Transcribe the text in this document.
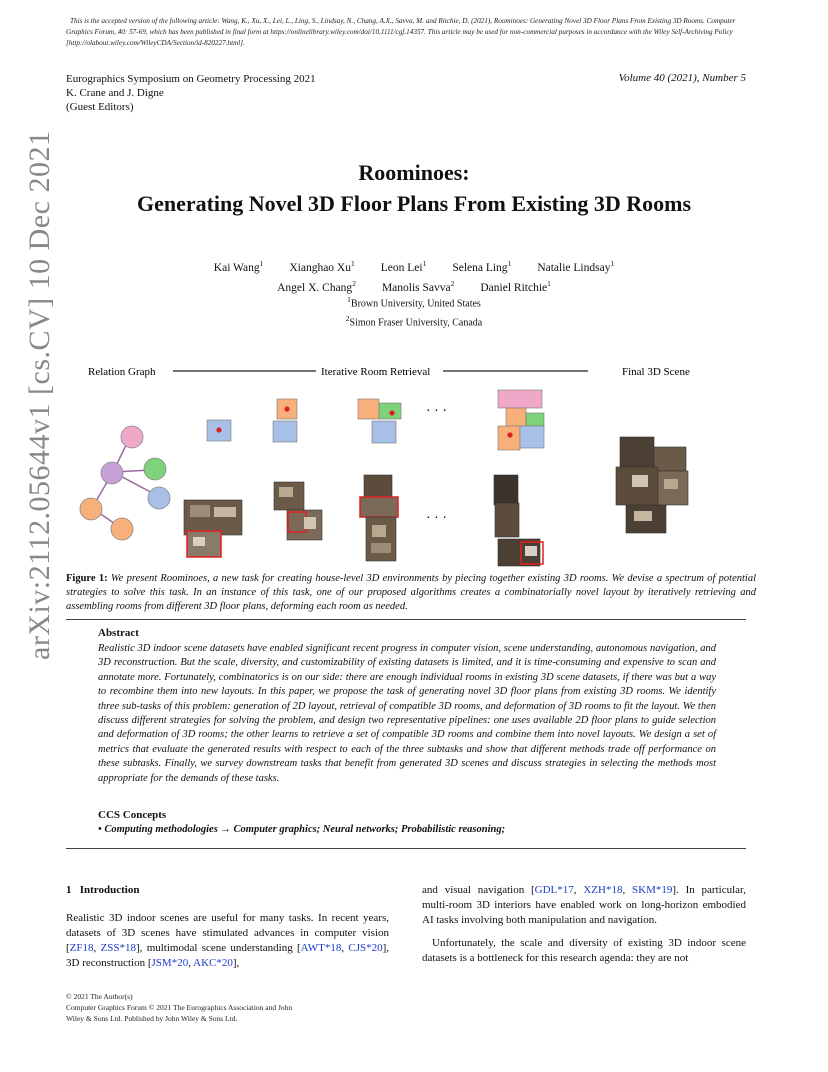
This is the accepted version of the following article: Wang, K., Xu, X., Lei, L., Ling, S., Lindsay, N., Chang, A.X., Savva, M. and Ritchie, D. (2021), Roominoes: Generating Novel 3D Floor Plans From Existing 3D Rooms. Computer Graphics Forum, 40: 57-69, which has been published in final form at https://onlinelibrary.wiley.com/doi/10.1111/cgf.14357. This article may be used for non-commercial purposes in accordance with the Wiley Self-Archiving Policy [http://olabout.wiley.com/WileyCDA/Section/id-820227.html].
Eurographics Symposium on Geometry Processing 2021
K. Crane and J. Digne
(Guest Editors)
Volume 40 (2021), Number 5
Roominoes:
Generating Novel 3D Floor Plans From Existing 3D Rooms
Kai Wang$^1$ Xianghao Xu$^1$ Leon Lei$^1$ Selena Ling$^1$ Natalie Lindsay$^1$
Angel X. Chang$^2$ Manolis Savva$^2$ Daniel Ritchie$^1$
$^1$Brown University, United States
$^2$Simon Fraser University, Canada
arXiv:2112.05644v1 [cs.CV] 10 Dec 2021	Relation Graph	Iterative Room Retrieval	Final 3D Scene
· · ·
· · ·
Figure 1: We present Roominoes, a new task for creating house-level 3D environments by piecing together existing 3D rooms. We devise a spectrum of potential strategies to solve this task. In an instance of this task, one of our proposed algorithms creates a combinatorially novel layout by iteratively retrieving and assembling rooms from different 3D floor plans, deforming each room as needed.
Abstract
Realistic 3D indoor scene datasets have enabled significant recent progress in computer vision, scene understanding, autonomous navigation, and 3D reconstruction. But the scale, diversity, and customizability of existing datasets is limited, and it is time-consuming and expensive to scan and annotate more. Fortunately, combinatorics is on our side: there are enough individual rooms in existing 3D scene datasets, if there was but a way to recombine them into new layouts. In this paper, we propose the task of generating novel 3D floor plans from existing 3D rooms. We identify three sub-tasks of this problem: generation of 2D layout, retrieval of compatible 3D rooms, and deformation of 3D rooms to fit the layout. We then discuss different strategies for solving the problem, and design two representative pipelines: one uses available 2D floor plans to guide selection and deformation of 3D rooms; the other learns to retrieve a set of compatible 3D rooms and combine them into novel layouts. We design a set of metrics that evaluate the generated results with respect to each of the three subtasks and show that different methods trade off performance on these subtasks. Finally, we survey downstream tasks that benefit from generated 3D scenes and discuss strategies in selecting the methods most appropriate for the demands of these tasks.
CCS Concepts
• Computing methodologies → Computer graphics; Neural networks; Probabilistic reasoning;
1 Introduction
Realistic 3D indoor scenes are useful for many tasks. In recent years, datasets of 3D scenes have stimulated advances in computer vision [ZF18, ZSS*18], multimodal scene understanding [AWT*18, CJS*20], 3D reconstruction [JSM*20, AKC*20],
and visual navigation [GDL*17, XZH*18, SKM*19]. In particular, multi-room 3D interiors have enabled work on long-horizon embodied AI tasks involving both manipulation and navigation.
Unfortunately, the scale and diversity of existing 3D indoor scene datasets is a bottleneck for this research agenda: they are not
© 2021 The Author(s)
Computer Graphics Forum © 2021 The Eurographics Association and John
Wiley & Sons Ltd. Published by John Wiley & Sons Ltd.
